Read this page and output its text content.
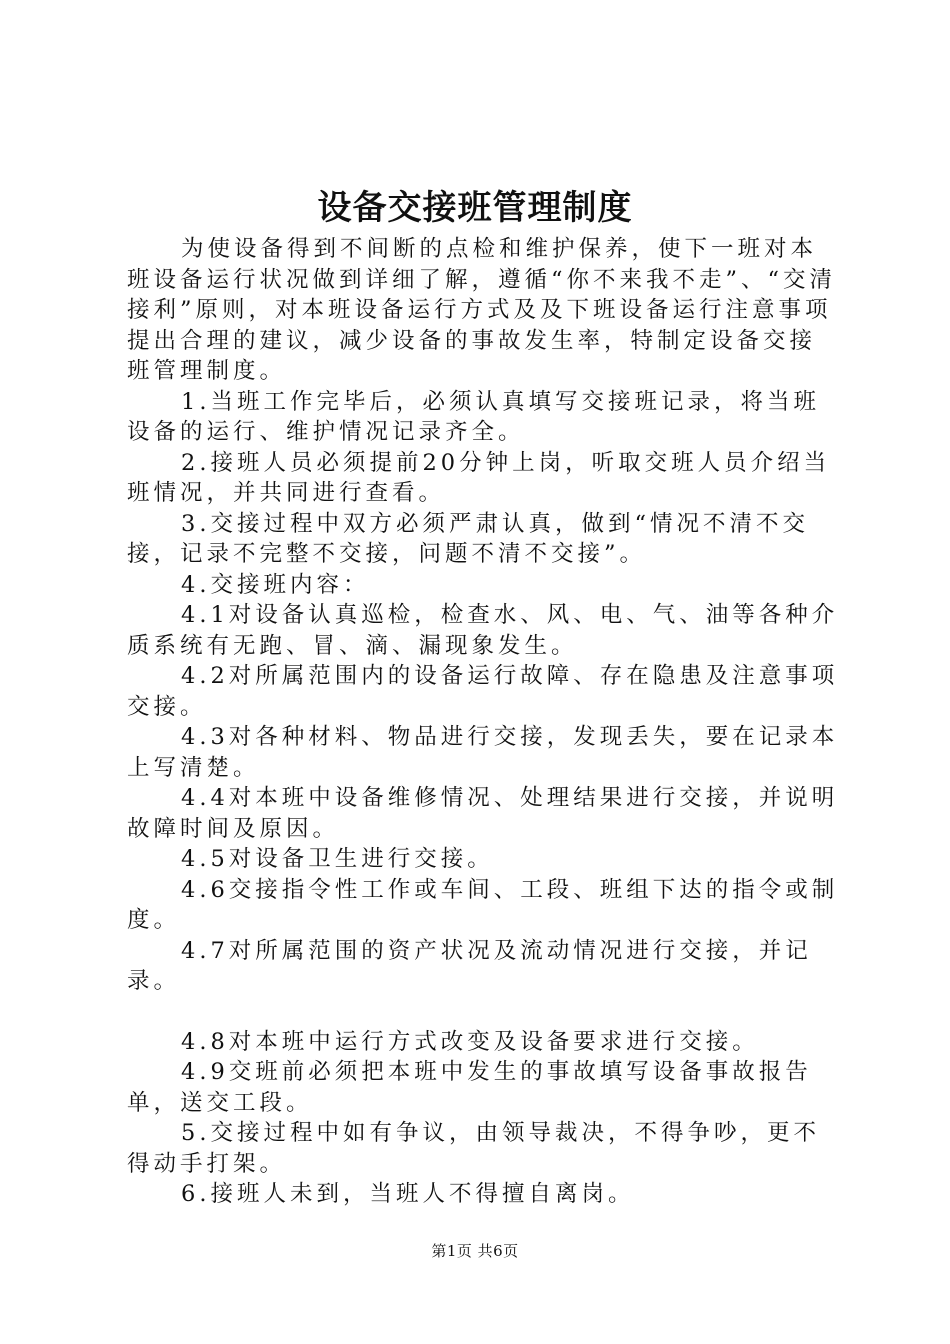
设备交接班管理制度

为使设备得到不间断的点检和维护保养，使下一班对本班设备运行状况做到详细了解，遵循“你不来我不走”、“交清接利”原则，对本班设备运行方式及及下班设备运行注意事项提出合理的建议，减少设备的事故发生率，特制定设备交接班管理制度。

1.当班工作完毕后，必须认真填写交接班记录，将当班设备的运行、维护情况记录齐全。

2.接班人员必须提前20分钟上岗，听取交班人员介绍当班情况，并共同进行查看。

3.交接过程中双方必须严肃认真，做到“情况不清不交接，记录不完整不交接，问题不清不交接”。

4.交接班内容：

4.1对设备认真巡检，检查水、风、电、气、油等各种介质系统有无跑、冒、滴、漏现象发生。

4.2对所属范围内的设备运行故障、存在隐患及注意事项交接。

4.3对各种材料、物品进行交接，发现丢失，要在记录本上写清楚。

4.4对本班中设备维修情况、处理结果进行交接，并说明故障时间及原因。

4.5对设备卫生进行交接。

4.6交接指令性工作或车间、工段、班组下达的指令或制度。

4.7对所属范围的资产状况及流动情况进行交接，并记录。

4.8对本班中运行方式改变及设备要求进行交接。

4.9交班前必须把本班中发生的事故填写设备事故报告单，送交工段。

5.交接过程中如有争议，由领导裁决，不得争吵，更不得动手打架。

6.接班人未到，当班人不得擅自离岗。

第1页 共6页
